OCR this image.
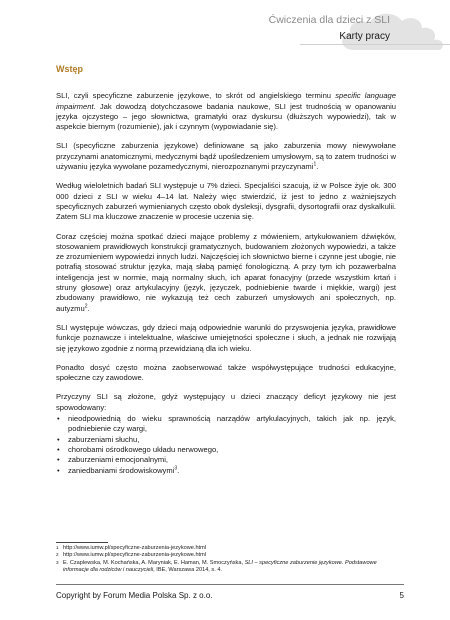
Ćwiczenia dla dzieci z SLI
Karty pracy
Wstęp

SLI, czyli specyficzne zaburzenie językowe, to skrót od angielskiego terminu specific language impairment. Jak dowodzą dotychczasowe badania naukowe, SLI jest trudnością w opanowaniu języka ojczystego – jego słownictwa, gramatyki oraz dyskursu (dłuższych wypowiedzi), tak w aspekcie biernym (rozumienie), jak i czynnym (wypowiadanie się).

SLI (specyficzne zaburzenia językowe) definiowane są jako zaburzenia mowy niewywołane przyczynami anatomicznymi, medycznymi bądź upośledzeniem umysłowym, są to zatem trudności w używaniu języka wywołane pozamedycznymi, nierozpoznanymi przyczynami$^1$.

Według wieloletnich badań SLI występuje u 7% dzieci. Specjaliści szacują, iż w Polsce żyje ok. 300 000 dzieci z SLI w wieku 4–14 lat. Należy więc stwierdzić, iż jest to jedno z ważniejszych specyficznych zaburzeń wymienianych często obok dysleksji, dysgrafii, dysortografii oraz dyskalkulii. Zatem SLI ma kluczowe znaczenie w procesie uczenia się.

Coraz częściej można spotkać dzieci mające problemy z mówieniem, artykułowaniem dźwięków, stosowaniem prawidłowych konstrukcji gramatycznych, budowaniem złożonych wypowiedzi, a także ze zrozumieniem wypowiedzi innych ludzi. Najczęściej ich słownictwo bierne i czynne jest ubogie, nie potrafią stosować struktur języka, mają słabą pamięć fonologiczną. A przy tym ich pozawerbalna inteligencja jest w normie, mają normalny słuch, ich aparat fonacyjny (przede wszystkim krtań i struny głosowe) oraz artykulacyjny (język, języczek, podniebienie twarde i miękkie, wargi) jest zbudowany prawidłowo, nie wykazują też cech zaburzeń umysłowych ani społecznych, np. autyzmu$^2$.

SLI występuje wówczas, gdy dzieci mają odpowiednie warunki do przyswojenia języka, prawidłowe funkcje poznawcze i intelektualne, właściwe umiejętności społeczne i słuch, a jednak nie rozwijają się językowo zgodnie z normą przewidzianą dla ich wieku.

Ponadto dosyć często można zaobserwować także współwystępujące trudności edukacyjne, społeczne czy zawodowe.

Przyczyny SLI są złożone, gdyż występujący u dzieci znaczący deficyt językowy nie jest spowodowany:

• nieodpowiednią do wieku sprawnością narządów artykulacyjnych, takich jak np. język, podniebienie czy wargi,
• zaburzeniami słuchu,
• chorobami ośrodkowego układu nerwowego,
• zaburzeniami emocjonalnymi,
• zaniedbaniami środowiskowymi$^3$.
1 http://www.iumw.pl/specyficzne-zaburzenia-jezykowe.html
2 http://www.iumw.pl/specyficzne-zaburzenia-jezykowe.html
3 E. Czaplewska, M. Kochańska, A. Maryniak, E. Haman, M. Smoczyńska, SLI – specyficzne zaburzenie językowe. Podstawowe informacje dla rodziców i nauczycieli, IBE, Warszawa 2014, s. 4.
Copyright by Forum Media Polska Sp. z o.o.	5
